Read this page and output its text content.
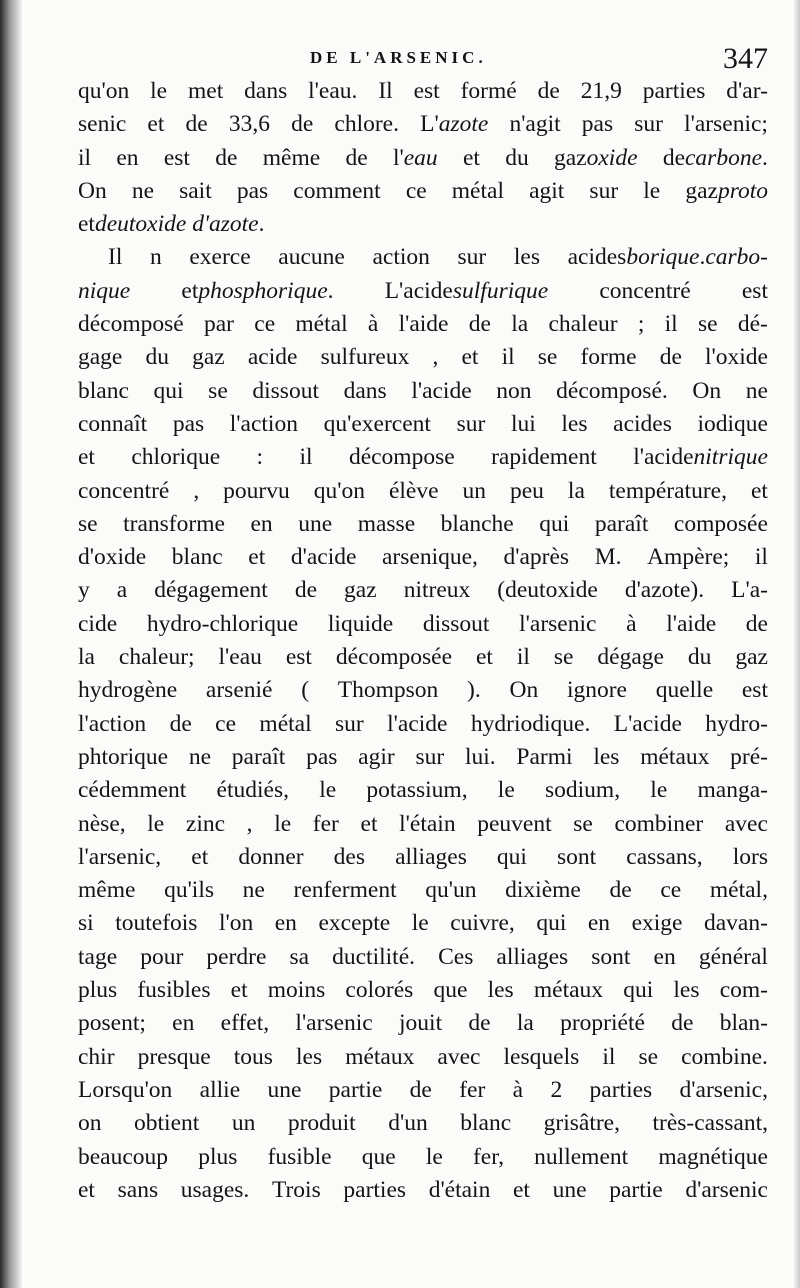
DE L'ARSENIC.	347
qu'on le met dans l'eau. Il est formé de 21,9 parties d'ar-
senic et de 33,6 de chlore. L'azote n'agit pas sur l'arsenic;
il en est de même de l'eau et du gazoxide decarbone.
On ne sait pas comment ce métal agit sur le gazproto
etdeutoxide
d'azote.
Il n exerce aucune action sur les acidesborique.carbo-
nique etphosphorique. L'acidesulfurique concentré est
décomposé par ce métal à l'aide de la chaleur ; il se dé-
gage du gaz acide sulfureux , et il se forme de l'oxide
blanc qui se dissout dans l'acide non décomposé. On ne
connaît pas l'action qu'exercent sur lui les acides iodique
et chlorique : il décompose rapidement l'acidenitrique
concentré , pourvu qu'on élève un peu la température, et
se transforme en une masse blanche qui paraît composée
d'oxide blanc et d'acide arsenique, d'après M. Ampère; il
y a dégagement de gaz nitreux (deutoxide d'azote). L'a-
cide hydro-chlorique liquide dissout l'arsenic à l'aide de
la chaleur; l'eau est décomposée et il se dégage du gaz
hydrogène arsenié ( Thompson ). On ignore quelle est
l'action de ce métal sur l'acide hydriodique. L'acide hydro-
phtorique ne paraît pas agir sur lui. Parmi les métaux pré-
cédemment étudiés, le potassium, le sodium, le manga-
nèse, le zinc , le fer et l'étain peuvent se combiner avec
l'arsenic, et donner des alliages qui sont cassans, lors
même qu'ils ne renferment qu'un dixième de ce métal,
si toutefois l'on en excepte le cuivre, qui en exige davan-
tage pour perdre sa ductilité. Ces alliages sont en général
plus fusibles et moins colorés que les métaux qui les com-
posent; en effet, l'arsenic jouit de la propriété de blan-
chir presque tous les métaux avec lesquels il se combine.
Lorsqu'on allie une partie de fer à 2 parties d'arsenic,
on obtient un produit d'un blanc grisâtre, très-cassant,
beaucoup plus fusible que le fer, nullement magnétique
et sans usages. Trois parties d'étain et une partie d'arsenic
